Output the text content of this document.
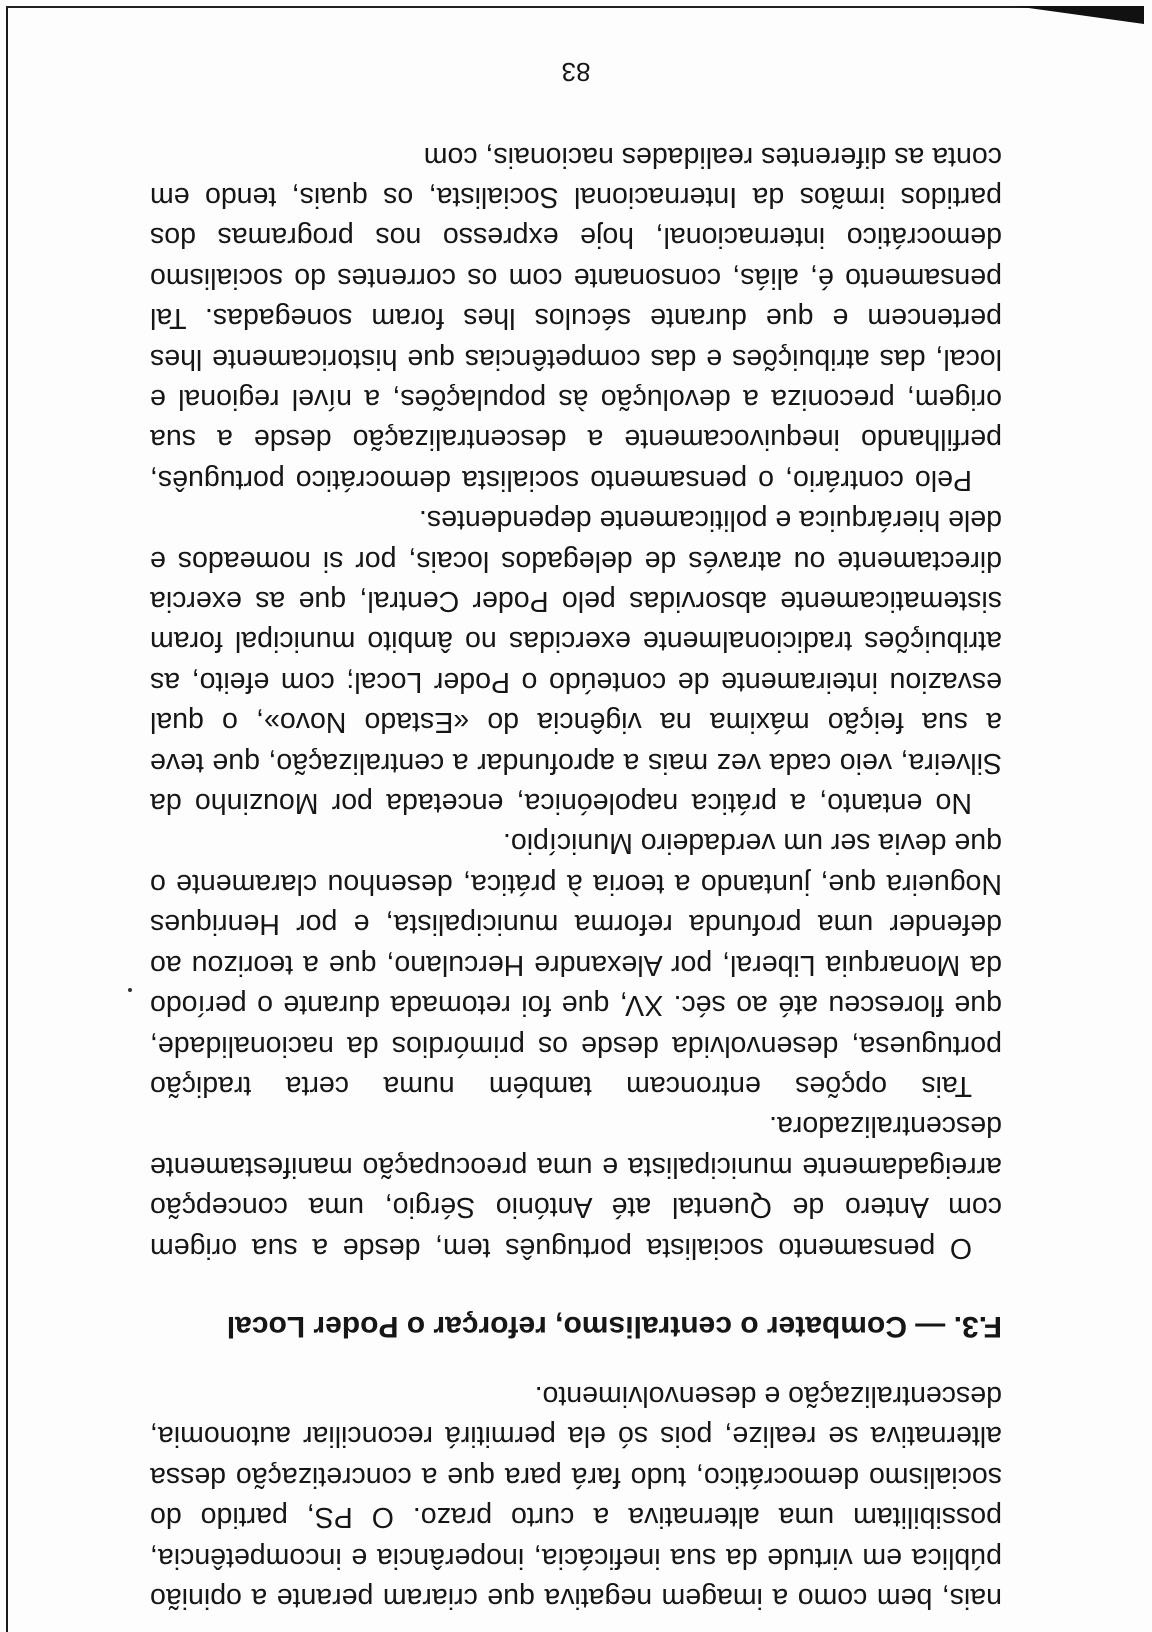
nais, bem como a imagem negativa que criaram perante a opinião pública em virtude da sua ineficácia, inoperância e incompetência, possibilitam uma alternativa a curto prazo. O PS, partido do socialismo democrático, tudo fará para que a concretização dessa alternativa se realize, pois só ela permitirá reconciliar autonomia, descentralização e desenvolvimento.

F.3. — Combater o centralismo, reforçar o Poder Local

O pensamento socialista português tem, desde a sua origem com Antero de Quental até António Sérgio, uma concepção arreigadamente municipalista e uma preocupação manifestamente descentralizadora.

Tais opções entroncam também numa certa tradição portuguesa, desenvolvida desde os primórdios da nacionalidade, que floresceu até ao séc. XV, que foi retomada durante o período da Monarquia Liberal, por Alexandre Herculano, que a teorizou ao defender uma profunda reforma municipalista, e por Henriques Nogueira que, juntando a teoria à prática, desenhou claramente o que devia ser um verdadeiro Município.

No entanto, a prática napoleónica, encetada por Mouzinho da Silveira, veio cada vez mais a aprofundar a centralização, que teve a sua feição máxima na vigência do «Estado Novo», o qual esvaziou inteiramente de conteúdo o Poder Local; com efeito, as atribuições tradicionalmente exercidas no âmbito municipal foram sistematicamente absorvidas pelo Poder Central, que as exercia directamente ou através de delegados locais, por si nomeados e dele hierárquica e politicamente dependentes.

Pelo contrário, o pensamento socialista democrático português, perfilhando inequivocamente a descentralização desde a sua origem, preconiza a devolução às populações, a nível regional e local, das atribuições e das competências que historicamente lhes pertencem e que durante séculos lhes foram sonegadas. Tal pensamento é, aliás, consonante com os correntes do socialismo democrático internacional, hoje expresso nos programas dos partidos irmãos da Internacional Socialista, os quais, tendo em conta as diferentes realidades nacionais, com

83
